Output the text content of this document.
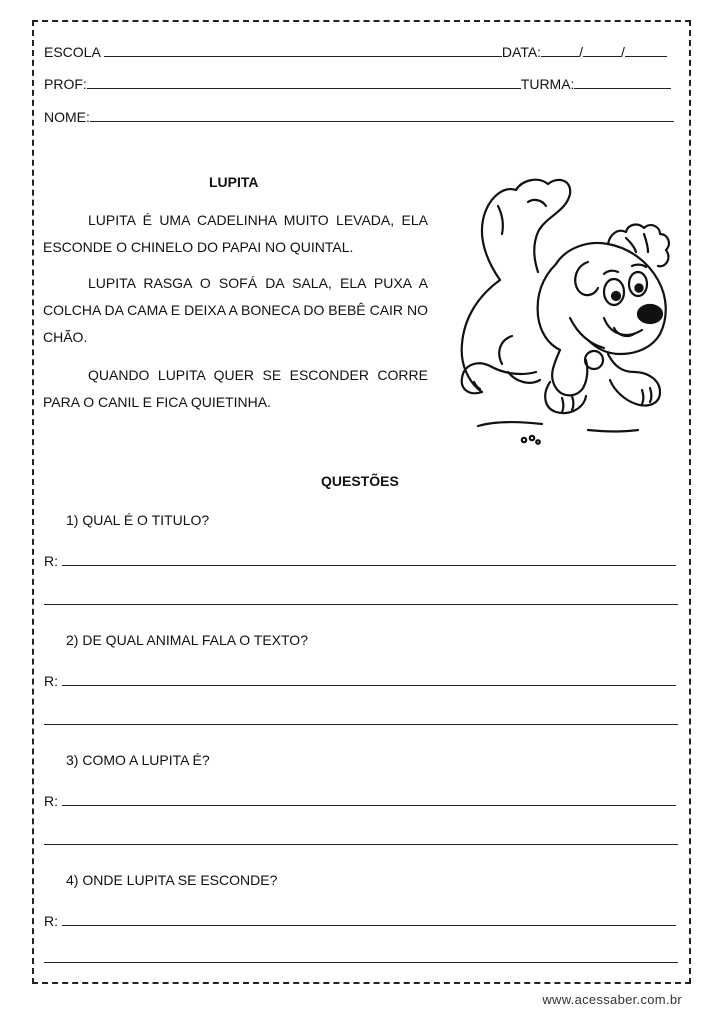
ESCOLA	DATA:	/	/
PROF:	TURMA:
NOME:
LUPITA

LUPITA É UMA CADELINHA MUITO LEVADA, ELA ESCONDE O CHINELO DO PAPAI NO QUINTAL.

LUPITA RASGA O SOFÁ DA SALA, ELA PUXA A COLCHA DA CAMA E DEIXA A BONECA DO BEBÊ CAIR NO CHÃO.

QUANDO LUPITA QUER SE ESCONDER CORRE PARA O CANIL E FICA QUIETINHA.

QUESTÕES
1) QUAL É O TITULO?
R:
2) DE QUAL ANIMAL FALA O TEXTO?
R:
3) COMO A LUPITA É?
R:
4) ONDE LUPITA SE ESCONDE?
R:
www.acessaber.com.br
